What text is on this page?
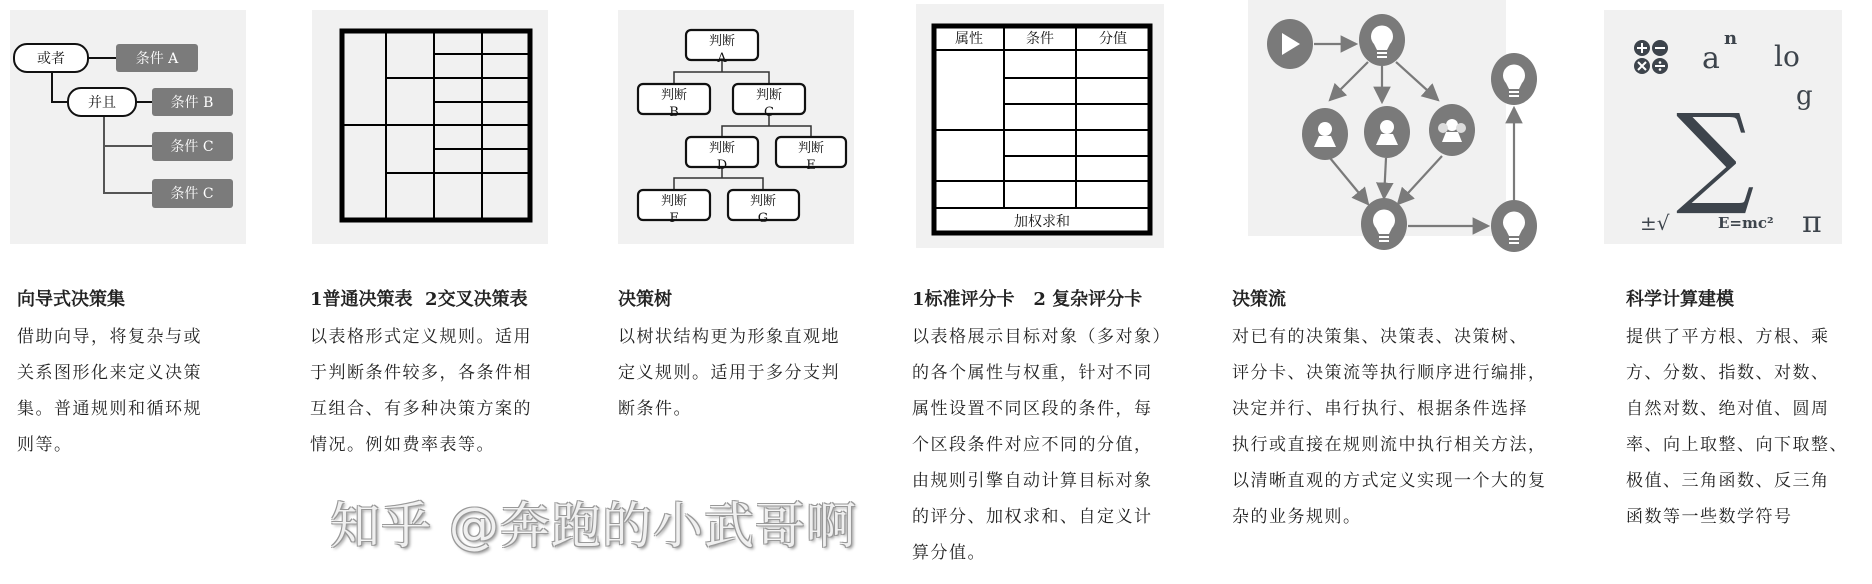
或者
并且
条件 A
条件 B
条件 C
条件 C
判断
A
判断
B
判断
C
判断
D
判断
E
判断
F
判断
G
属性	条件	分值
加权求和
a
n
lo
g
∑
±√	E=mc² π
向导式决策集
借助向导，将复杂与或
关系图形化来定义决策
集。普通规则和循环规
则等。
1普通决策表  2交叉决策表
以表格形式定义规则。适用
于判断条件较多，各条件相
互组合、有多种决策方案的
情况。例如费率表等。
决策树
以树状结构更为形象直观地
定义规则。适用于多分支判
断条件。
1标准评分卡   2 复杂评分卡
以表格展示目标对象（多对象）
的各个属性与权重，针对不同
属性设置不同区段的条件，每
个区段条件对应不同的分值，
由规则引擎自动计算目标对象
的评分、加权求和、自定义计
算分值。
决策流
对已有的决策集、决策表、决策树、
评分卡、决策流等执行顺序进行编排，
决定并行、串行执行、根据条件选择
执行或直接在规则流中执行相关方法，
以清晰直观的方式定义实现一个大的复
杂的业务规则。
科学计算建模
提供了平方根、方根、乘
方、分数、指数、对数、
自然对数、绝对值、圆周
率、向上取整、向下取整、
极值、三角函数、反三角
函数等一些数学符号
知乎 @奔跑的小武哥啊
